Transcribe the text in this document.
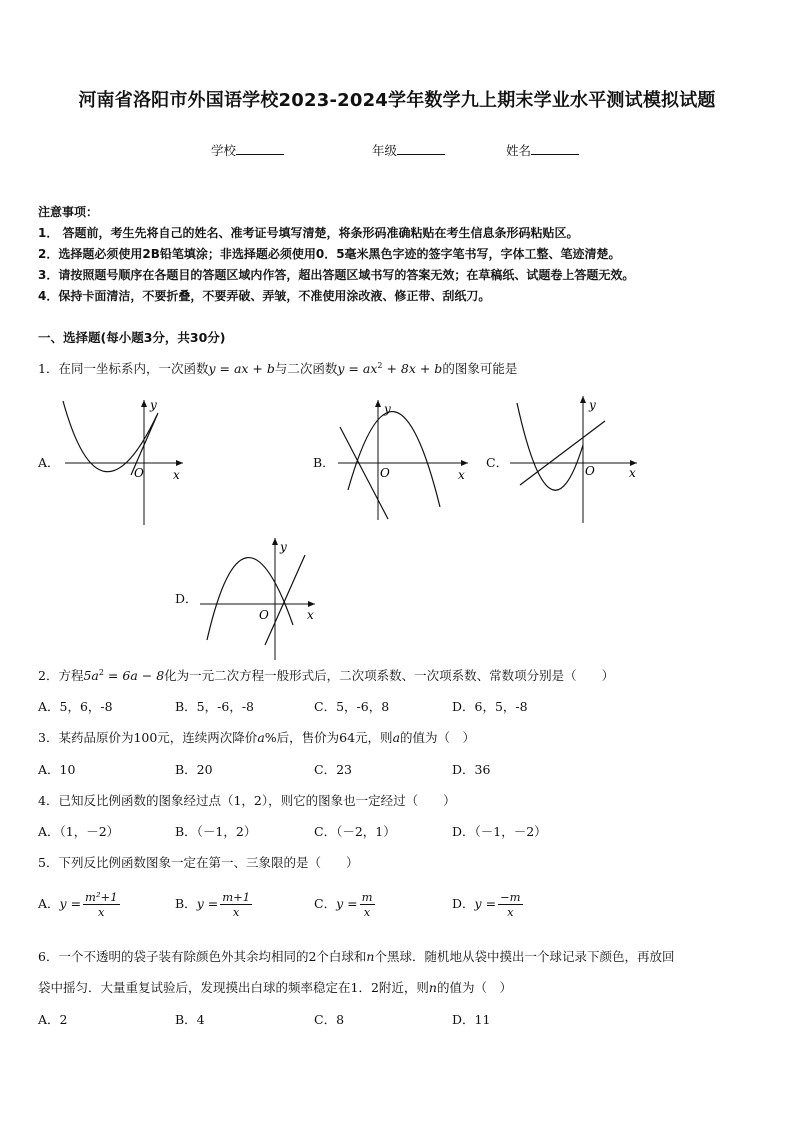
河南省洛阳市外国语学校2023-2024学年数学九上期末学业水平测试模拟试题
学校	年级	姓名
注意事项：
1． 答题前，考生先将自己的姓名、准考证号填写清楚，将条形码准确粘贴在考生信息条形码粘贴区。
2．选择题必须使用2B铅笔填涂；非选择题必须使用0．5毫米黑色字迹的签字笔书写，字体工整、笔迹清楚。
3．请按照题号顺序在各题目的答题区域内作答，超出答题区域书写的答案无效；在草稿纸、试题卷上答题无效。
4．保持卡面清洁，不要折叠，不要弄破、弄皱，不准使用涂改液、修正带、刮纸刀。
一、选择题(每小题3分，共30分)
1．在同一坐标系内，一次函数y = ax + b与二次函数$y = ax^2 + 8x + b$的图象可能是
A．
y
x
O
B．
y
x
O
C．
y
x
O
D．
y
x
O
2．方程$5a^2 = 6a - 8$化为一元二次方程一般形式后，二次项系数、一次项系数、常数项分别是（　　）
A．5，6，-8	B．5，-6，-8	C．5，-6，8	D．6，5，-8
3．某药品原价为100元，连续两次降价a%后，售价为64元，则a的值为（　）
A．10	B．20	C．23	D．36
4．已知反比例函数的图象经过点（1，2），则它的图象也一定经过（　　）
A．（1，－2）	B．（－1，2）	C．（－2，1）	D．（－1，－2）
5．下列反比例函数图象一定在第一、三象限的是（　　）
A．$y = \frac{\text{m²+1}}{x}$	B．$y = \frac{m+1}{x}$	C．$y = \frac{m}{x}$	D．$y = \frac{-m}{x}$
6．一个不透明的袋子装有除颜色外其余均相同的2个白球和n个黑球．随机地从袋中摸出一个球记录下颜色，再放回
袋中摇匀．大量重复试验后，发现摸出白球的频率稳定在1．2附近，则n的值为（　）
A．2	B．4	C．8	D．11
